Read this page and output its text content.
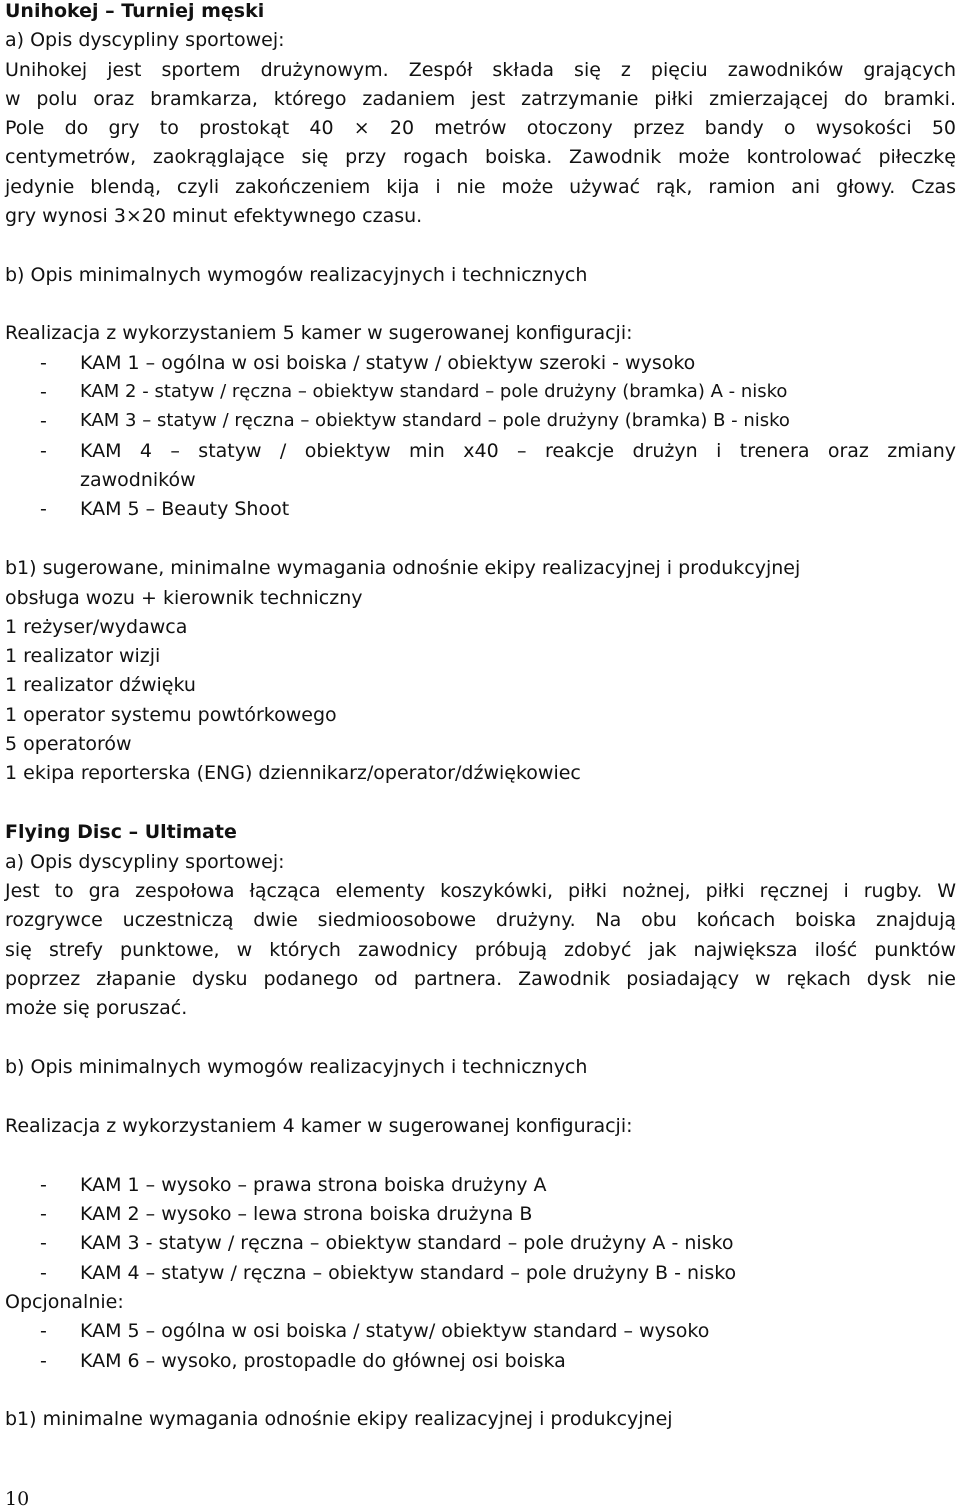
Unihokej – Turniej męski
a) Opis dyscypliny sportowej:
Unihokej jest sportem drużynowym. Zespół składa się z pięciu zawodników grających
w polu oraz bramkarza, którego zadaniem jest zatrzymanie piłki zmierzającej do bramki.
Pole do gry to prostokąt 40 × 20 metrów otoczony przez bandy o wysokości 50
centymetrów, zaokrąglające się przy rogach boiska. Zawodnik może kontrolować piłeczkę
jedynie blendą, czyli zakończeniem kija i nie może używać rąk, ramion ani głowy. Czas
gry wynosi 3×20 minut efektywnego czasu.
b) Opis minimalnych wymogów realizacyjnych i technicznych
Realizacja z wykorzystaniem 5 kamer w sugerowanej konfiguracji:
- KAM 1 – ogólna w osi boiska / statyw / obiektyw szeroki - wysoko
- KAM 2 - statyw / ręczna – obiektyw standard – pole drużyny (bramka) A - nisko
- KAM 3 – statyw / ręczna – obiektyw standard – pole drużyny (bramka) B - nisko
- KAM 4 – statyw / obiektyw min x40 – reakcje drużyn i trenera oraz zmiany
zawodników
- KAM 5 – Beauty Shoot
b1) sugerowane, minimalne wymagania odnośnie ekipy realizacyjnej i produkcyjnej
obsługa wozu + kierownik techniczny
1 reżyser/wydawca
1 realizator wizji
1 realizator dźwięku
1 operator systemu powtórkowego
5 operatorów
1 ekipa reporterska (ENG) dziennikarz/operator/dźwiękowiec
Flying Disc – Ultimate
a) Opis dyscypliny sportowej:
Jest to gra zespołowa łącząca elementy koszykówki, piłki nożnej, piłki ręcznej i rugby. W
rozgrywce uczestniczą dwie siedmioosobowe drużyny. Na obu końcach boiska znajdują
się strefy punktowe, w których zawodnicy próbują zdobyć jak największa ilość punktów
poprzez złapanie dysku podanego od partnera. Zawodnik posiadający w rękach dysk nie
może się poruszać.
b) Opis minimalnych wymogów realizacyjnych i technicznych
Realizacja z wykorzystaniem 4 kamer w sugerowanej konfiguracji:
- KAM 1 – wysoko – prawa strona boiska drużyny A
- KAM 2 – wysoko – lewa strona boiska drużyna B
- KAM 3 - statyw / ręczna – obiektyw standard – pole drużyny A - nisko
- KAM 4 – statyw / ręczna – obiektyw standard – pole drużyny B - nisko
Opcjonalnie:
- KAM 5 – ogólna w osi boiska / statyw/ obiektyw standard – wysoko
- KAM 6 – wysoko, prostopadle do głównej osi boiska
b1) minimalne wymagania odnośnie ekipy realizacyjnej i produkcyjnej
10
